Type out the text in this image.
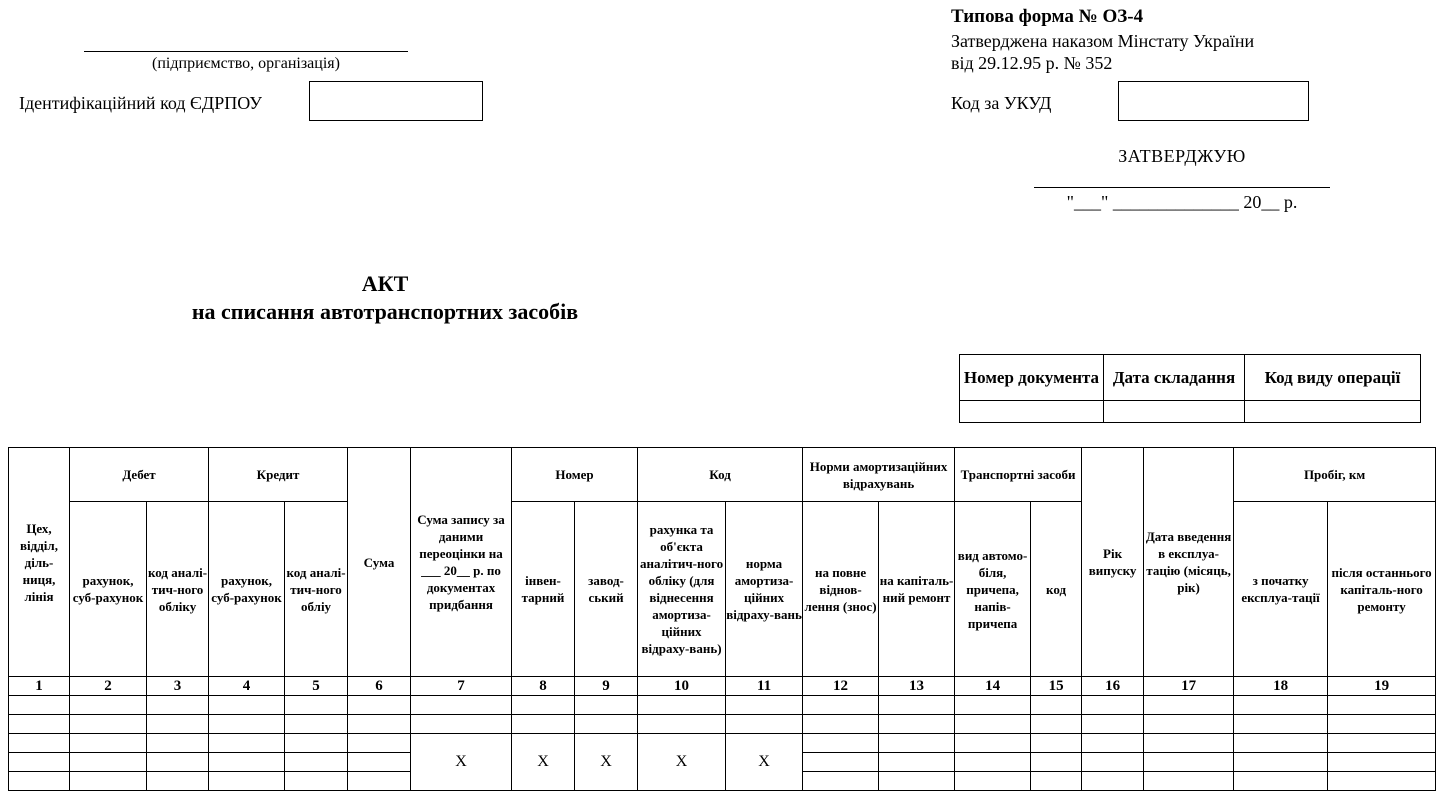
Типова форма № ОЗ-4
Затверджена наказом Мінстату України
від 29.12.95 р. № 352
(підприємство, організація)
Ідентифікаційний код ЄДРПОУ	Код за УКУД
ЗАТВЕРДЖУЮ
"___" ______________ 20__ р.
АКТ
на списання автотранспортних засобів
Номер документа	Дата складання	Код виду операції

Цех, відділ, діль-ниця, лінія	Дебет		Кредит		Сума	Сума запису за даними переоцінки на ___ 20__ р. по документах придбання	Номер		Код		Норми амортизаційних відрахувань		Транспортні засоби		Рік випуску	Дата введення в експлуа-тацію (місяць, рік)	Пробіг, км	
	рахунок, суб-рахунок	код аналі-тич-ного обліку	рахунок, суб-рахунок	код аналі-тич-ного обліу			інвен-тарний	завод-ський	рахунка та об'єкта аналітич-ного обліку (для віднесення амортиза-ційних відраху-вань)	норма амортиза-ційних відраху-вань	на повне віднов-лення (знос)	на капіталь-ний ремонт	вид автомо-біля, причепа, напів-причепа	код			з початку експлуа-тації	після останнього капіталь-ного ремонту
1	2	3	4	5	6	7	8	9	10	11	12	13	14	15	16	17	18	19

						Х	Х	Х	Х	Х								
